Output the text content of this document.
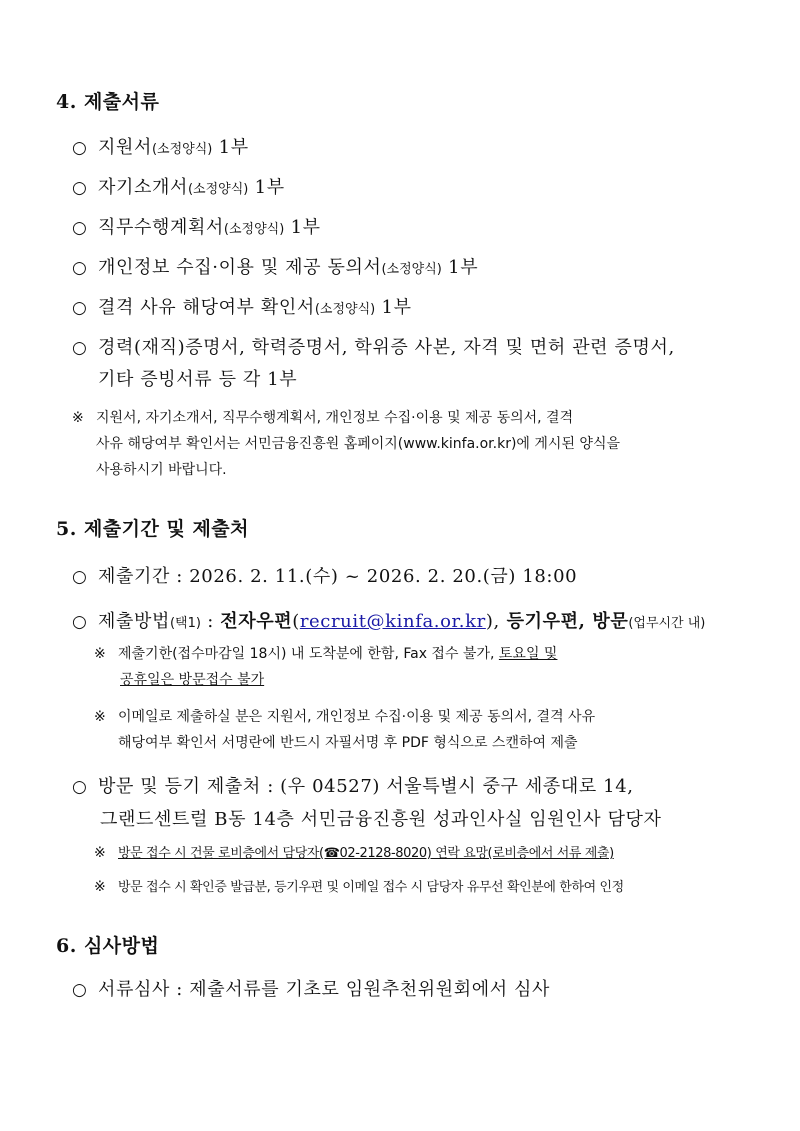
4. 제출서류
○ 지원서(소정양식) 1부
○ 자기소개서(소정양식) 1부
○ 직무수행계획서(소정양식) 1부
○ 개인정보 수집·이용 및 제공 동의서(소정양식) 1부
○ 결격 사유 해당여부 확인서(소정양식) 1부
○ 경력(재직)증명서, 학력증명서, 학위증 사본, 자격 및 면허 관련 증명서,
기타 증빙서류 등 각 1부
※ 지원서, 자기소개서, 직무수행계획서, 개인정보 수집·이용 및 제공 동의서, 결격
사유 해당여부 확인서는 서민금융진흥원 홈페이지(www.kinfa.or.kr)에 게시된 양식을
사용하시기 바랍니다.
5. 제출기간 및 제출처
○ 제출기간 : 2026. 2. 11.(수) ~ 2026. 2. 20.(금) 18:00
○ 제출방법(택1) : 전자우편(recruit@kinfa.or.kr), 등기우편, 방문(업무시간 내)
※ 제출기한(접수마감일 18시) 내 도착분에 한함, Fax 접수 불가, 토요일 및
공휴일은 방문접수 불가
※ 이메일로 제출하실 분은 지원서, 개인정보 수집·이용 및 제공 동의서, 결격 사유
해당여부 확인서 서명란에 반드시 자필서명 후 PDF 형식으로 스캔하여 제출
○ 방문 및 등기 제출처 : (우 04527) 서울특별시 중구 세종대로 14,
그랜드센트럴 B동 14층 서민금융진흥원 성과인사실 임원인사 담당자
※ 방문 접수 시 건물 로비층에서 담당자(☎02-2128-8020) 연락 요망(로비층에서 서류 제출)
※ 방문 접수 시 확인증 발급분, 등기우편 및 이메일 접수 시 담당자 유무선 확인분에 한하여 인정
6. 심사방법
○ 서류심사 : 제출서류를 기초로 임원추천위원회에서 심사
